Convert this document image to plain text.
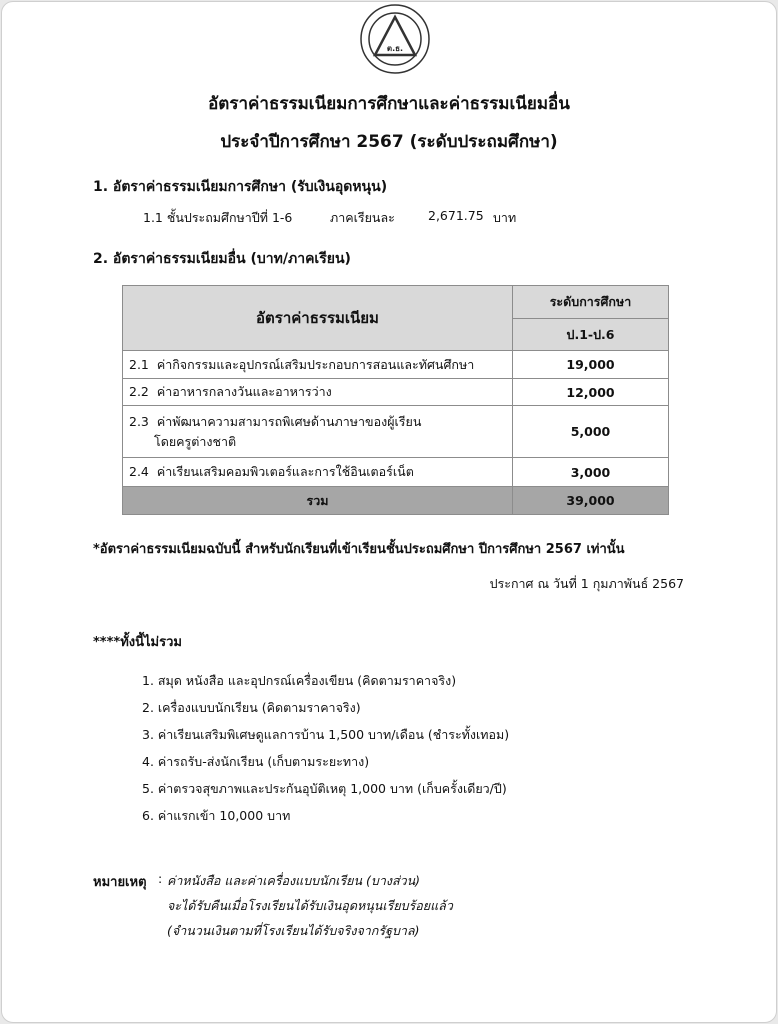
ต.ธ.
อัตราค่าธรรมเนียมการศึกษาและค่าธรรมเนียมอื่น
ประจำปีการศึกษา 2567 (ระดับประถมศึกษา)
1. อัตราค่าธรรมเนียมการศึกษา (รับเงินอุดหนุน)
1.1 ชั้นประถมศึกษาปีที่ 1-6	ภาคเรียนละ	2,671.75 บาท
2. อัตราค่าธรรมเนียมอื่น (บาท/ภาคเรียน)
อัตราค่าธรรมเนียม	ระดับการศึกษา
	ป.1-ป.6
2.1 ค่ากิจกรรมและอุปกรณ์เสริมประกอบการสอนและทัศนศึกษา	19,000
2.2 ค่าอาหารกลางวันและอาหารว่าง	12,000
2.3 ค่าพัฒนาความสามารถพิเศษด้านภาษาของผู้เรียน
โดยครูต่างชาติ	5,000
2.4 ค่าเรียนเสริมคอมพิวเตอร์และการใช้อินเตอร์เน็ต	3,000
รวม	39,000
*อัตราค่าธรรมเนียมฉบับนี้ สำหรับนักเรียนที่เข้าเรียนชั้นประถมศึกษา ปีการศึกษา 2567 เท่านั้น
ประกาศ ณ วันที่ 1 กุมภาพันธ์ 2567
****ทั้งนี้ไม่รวม
1. สมุด หนังสือ และอุปกรณ์เครื่องเขียน (คิดตามราคาจริง)
2. เครื่องแบบนักเรียน (คิดตามราคาจริง)
3. ค่าเรียนเสริมพิเศษดูแลการบ้าน 1,500 บาท/เดือน (ชำระทั้งเทอม)
4. ค่ารถรับ-ส่งนักเรียน (เก็บตามระยะทาง)
5. ค่าตรวจสุขภาพและประกันอุบัติเหตุ 1,000 บาท (เก็บครั้งเดียว/ปี)
6. ค่าแรกเข้า 10,000 บาท
หมายเหตุ : ค่าหนังสือ และค่าเครื่องแบบนักเรียน (บางส่วน)
จะได้รับคืนเมื่อโรงเรียนได้รับเงินอุดหนุนเรียบร้อยแล้ว
(จำนวนเงินตามที่โรงเรียนได้รับจริงจากรัฐบาล)
